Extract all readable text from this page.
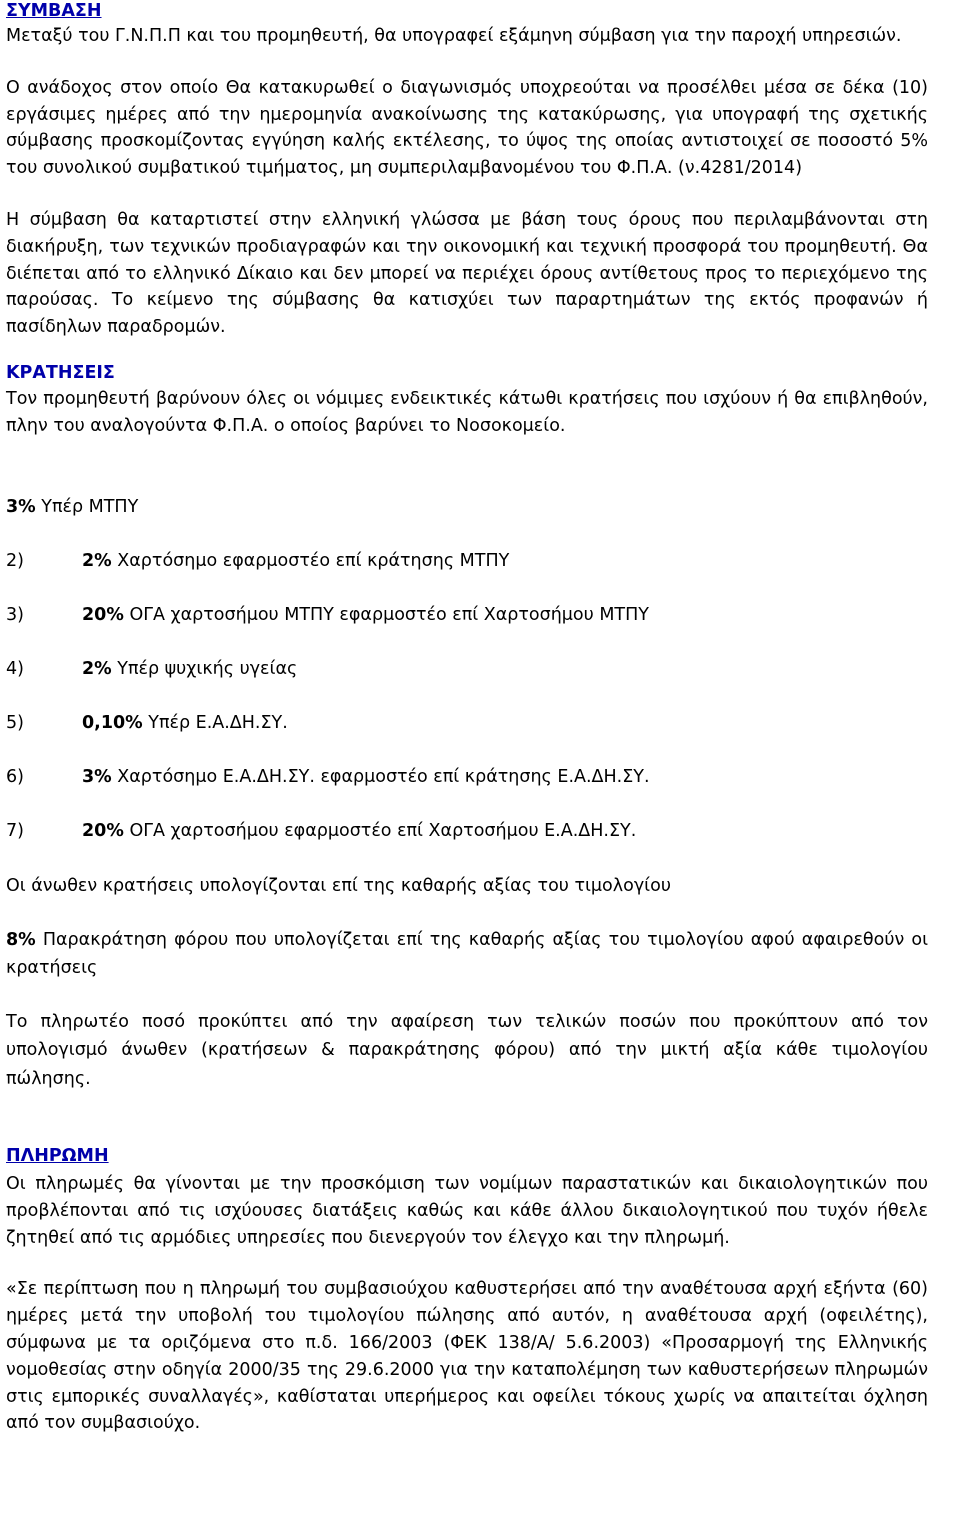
ΣΥΜΒΑΣΗ

Μεταξύ του Γ.Ν.Π.Π και του προμηθευτή, θα υπογραφεί εξάμηνη σύμβαση για την παροχή υπηρεσιών.

Ο ανάδοχος στον οποίο Θα κατακυρωθεί ο διαγωνισμός υποχρεούται να προσέλθει μέσα σε δέκα (10) εργάσιμες ημέρες από την ημερομηνία ανακοίνωσης της κατακύρωσης, για υπογραφή της σχετικής σύμβασης προσκομίζοντας εγγύηση καλής εκτέλεσης, το ύψος της οποίας αντιστοιχεί σε ποσοστό 5% του συνολικού συμβατικού τιμήματος, μη συμπεριλαμβανομένου του Φ.Π.Α. (ν.4281/2014)

Η σύμβαση θα καταρτιστεί στην ελληνική γλώσσα με βάση τους όρους που περιλαμβάνονται στη διακήρυξη, των τεχνικών προδιαγραφών και την οικονομική και τεχνική προσφορά του προμηθευτή. Θα διέπεται από το ελληνικό Δίκαιο και δεν μπορεί να περιέχει όρους αντίθετους προς το περιεχόμενο της παρούσας. Το κείμενο της σύμβασης θα κατισχύει των παραρτημάτων της εκτός προφανών ή πασίδηλων παραδρομών.

ΚΡΑΤΗΣΕΙΣ

Τον προμηθευτή βαρύνουν όλες οι νόμιμες ενδεικτικές κάτωθι κρατήσεις που ισχύουν ή θα επιβληθούν, πλην του αναλογούντα Φ.Π.Α. ο οποίος βαρύνει το Νοσοκομείο.

3% Υπέρ ΜΤΠΥ

2)	2% Χαρτόσημο εφαρμοστέο επί κράτησης ΜΤΠΥ

3)	20% ΟΓΑ χαρτοσήμου ΜΤΠΥ εφαρμοστέο επί Χαρτοσήμου ΜΤΠΥ

4)	2% Υπέρ ψυχικής υγείας

5)	0,10% Υπέρ Ε.Α.ΔΗ.ΣΥ.

6)	3% Χαρτόσημο Ε.Α.ΔΗ.ΣΥ. εφαρμοστέο επί κράτησης Ε.Α.ΔΗ.ΣΥ.

7)	20% ΟΓΑ χαρτοσήμου εφαρμοστέο επί Χαρτοσήμου Ε.Α.ΔΗ.ΣΥ.

Οι άνωθεν κρατήσεις υπολογίζονται επί της καθαρής αξίας του τιμολογίου

8% Παρακράτηση φόρου που υπολογίζεται επί της καθαρής αξίας του τιμολογίου αφού αφαιρεθούν οι κρατήσεις

Το πληρωτέο ποσό προκύπτει από την αφαίρεση των τελικών ποσών που προκύπτουν από τον υπολογισμό άνωθεν (κρατήσεων & παρακράτησης φόρου) από την μικτή αξία κάθε τιμολογίου πώλησης.

ΠΛΗΡΩΜΗ

Οι πληρωμές θα γίνονται με την προσκόμιση των νομίμων παραστατικών και δικαιολογητικών που προβλέπονται από τις ισχύουσες διατάξεις καθώς και κάθε άλλου δικαιολογητικού που τυχόν ήθελε ζητηθεί από τις αρμόδιες υπηρεσίες που διενεργούν τον έλεγχο και την πληρωμή.

«Σε περίπτωση που η πληρωμή του συμβασιούχου καθυστερήσει από την αναθέτουσα αρχή εξήντα (60) ημέρες μετά την υποβολή του τιμολογίου πώλησης από αυτόν, η αναθέτουσα αρχή (οφειλέτης), σύμφωνα με τα οριζόμενα στο π.δ. 166/2003 (ΦΕΚ 138/Α/ 5.6.2003) «Προσαρμογή της Ελληνικής νομοθεσίας στην οδηγία 2000/35 της 29.6.2000 για την καταπολέμηση των καθυστερήσεων πληρωμών στις εμπορικές συναλλαγές», καθίσταται υπερήμερος και οφείλει τόκους χωρίς να απαιτείται όχληση από τον συμβασιούχο.
